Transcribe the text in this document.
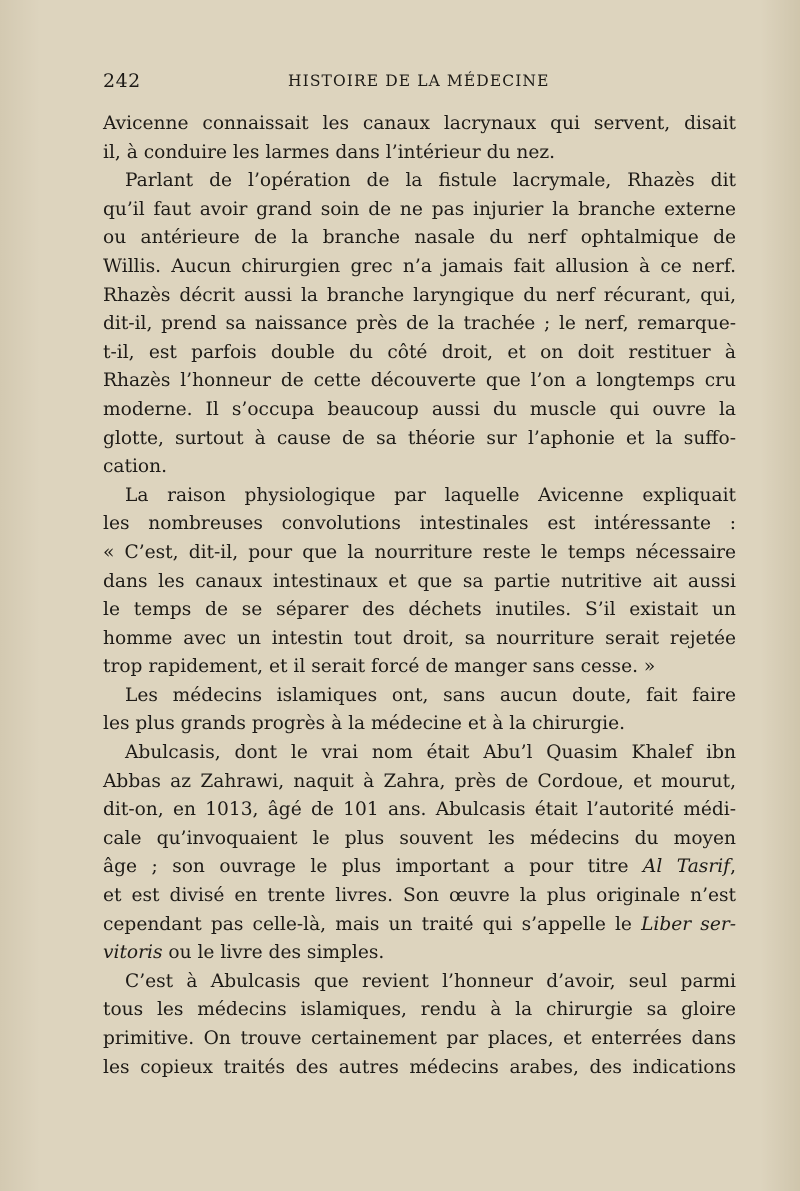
242	HISTOIRE DE LA MÉDECINE
Avicenne connaissait les canaux lacrynaux qui servent, disait
il, à conduire les larmes dans l’intérieur du nez.
Parlant de l’opération de la fistule lacrymale, Rhazès dit
qu’il faut avoir grand soin de ne pas injurier la branche externe
ou antérieure de la branche nasale du nerf ophtalmique de
Willis. Aucun chirurgien grec n’a jamais fait allusion à ce nerf.
Rhazès décrit aussi la branche laryngique du nerf récurant, qui,
dit-il, prend sa naissance près de la trachée ; le nerf, remarque-
t-il, est parfois double du côté droit, et on doit restituer à
Rhazès l’honneur de cette découverte que l’on a longtemps cru
moderne. Il s’occupa beaucoup aussi du muscle qui ouvre la
glotte, surtout à cause de sa théorie sur l’aphonie et la suffo-
cation.
La raison physiologique par laquelle Avicenne expliquait
les nombreuses convolutions intestinales est intéressante :
« C’est, dit-il, pour que la nourriture reste le temps nécessaire
dans les canaux intestinaux et que sa partie nutritive ait aussi
le temps de se séparer des déchets inutiles. S’il existait un
homme avec un intestin tout droit, sa nourriture serait rejetée
trop rapidement, et il serait forcé de manger sans cesse. »
Les médecins islamiques ont, sans aucun doute, fait faire
les plus grands progrès à la médecine et à la chirurgie.
Abulcasis, dont le vrai nom était Abu’l Quasim Khalef ibn
Abbas az Zahrawi, naquit à Zahra, près de Cordoue, et mourut,
dit-on, en 1013, âgé de 101 ans. Abulcasis était l’autorité médi-
cale qu’invoquaient le plus souvent les médecins du moyen
âge ; son ouvrage le plus important a pour titre Al Tasrif,
et est divisé en trente livres. Son œuvre la plus originale n’est
cependant pas celle-là, mais un traité qui s’appelle le Liber ser-
vitoris ou le livre des simples.
C’est à Abulcasis que revient l’honneur d’avoir, seul parmi
tous les médecins islamiques, rendu à la chirurgie sa gloire
primitive. On trouve certainement par places, et enterrées dans
les copieux traités des autres médecins arabes, des indications
